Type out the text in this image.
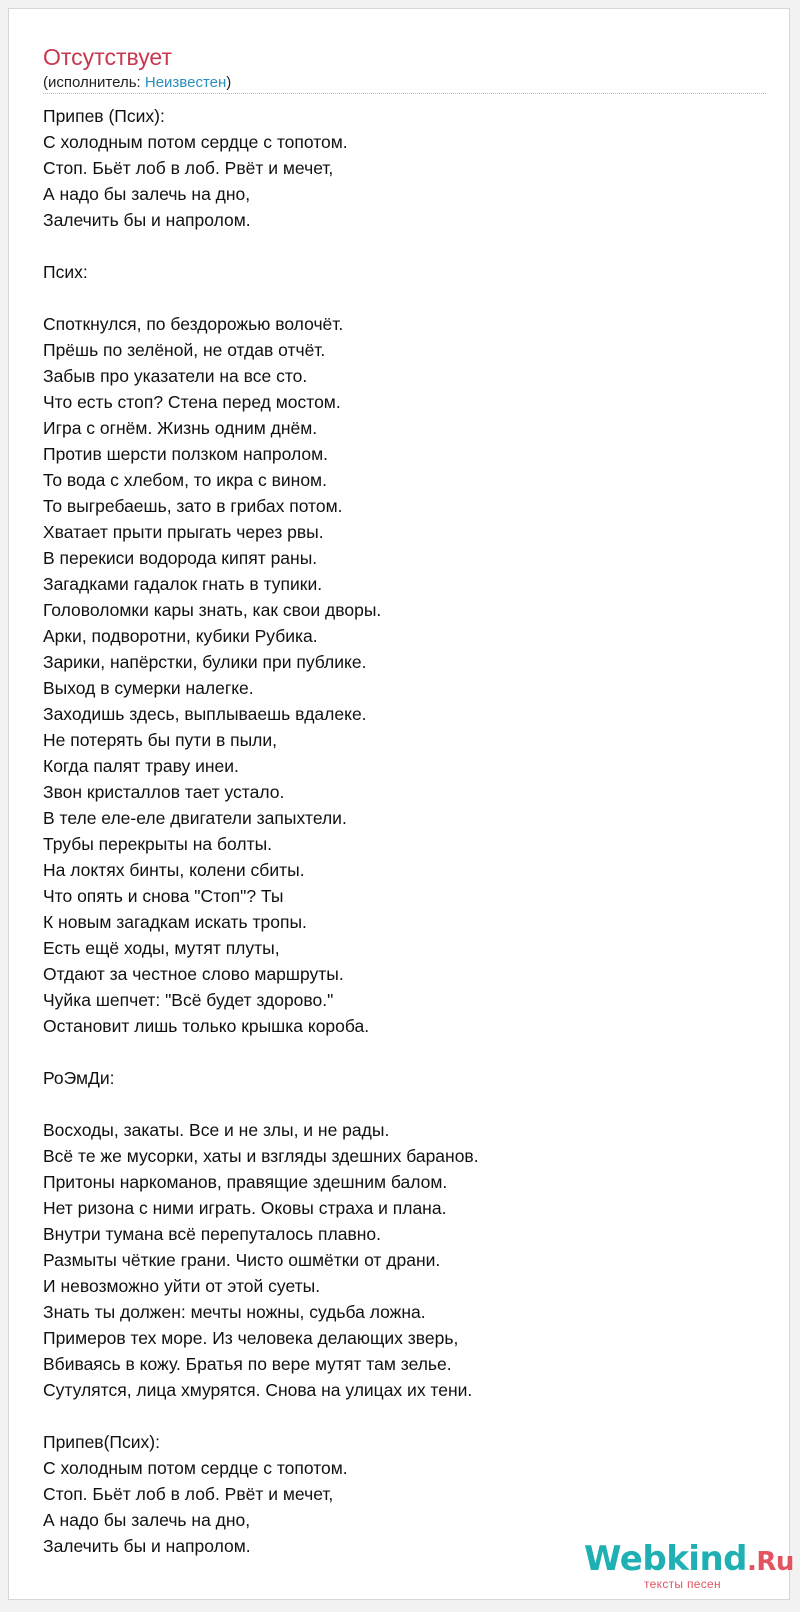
Отсутствует
(исполнитель: Неизвестен)
Припев (Псих):
С холодным потом сердце с топотом.
Стоп. Бьёт лоб в лоб. Рвёт и мечет,
А надо бы залечь на дно,
Залечить бы и напролом.
Псих:
Споткнулся, по бездорожью волочёт.
Прёшь по зелёной, не отдав отчёт.
Забыв про указатели на все сто.
Что есть стоп? Стена перед мостом.
Игра с огнём. Жизнь одним днём.
Против шерсти ползком напролом.
То вода с хлебом, то икра с вином.
То выгребаешь, зато в грибах потом.
Хватает прыти прыгать через рвы.
В перекиси водорода кипят раны.
Загадками гадалок гнать в тупики.
Головоломки кары знать, как свои дворы.
Арки, подворотни, кубики Рубика.
Зарики, напёрстки, булики при публике.
Выход в сумерки налегке.
Заходишь здесь, выплываешь вдалеке.
Не потерять бы пути в пыли,
Когда палят траву инеи.
Звон кристаллов тает устало.
В теле еле-еле двигатели запыхтели.
Трубы перекрыты на болты.
На локтях бинты, колени сбиты.
Что опять и снова "Стоп"? Ты
К новым загадкам искать тропы.
Есть ещё ходы, мутят плуты,
Отдают за честное слово маршруты.
Чуйка шепчет: "Всё будет здорово."
Остановит лишь только крышка короба.
РоЭмДи:
Восходы, закаты. Все и не злы, и не рады.
Всё те же мусорки, хаты и взгляды здешних баранов.
Притоны наркоманов, правящие здешним балом.
Нет ризона с ними играть. Оковы страха и плана.
Внутри тумана всё перепуталось плавно.
Размыты чёткие грани. Чисто ошмётки от драни.
И невозможно уйти от этой суеты.
Знать ты должен: мечты ножны, судьба ложна.
Примеров тех море. Из человека делающих зверь,
Вбиваясь в кожу. Братья по вере мутят там зелье.
Сутулятся, лица хмурятся. Снова на улицах их тени.
Припев(Псих):
С холодным потом сердце с топотом.
Стоп. Бьёт лоб в лоб. Рвёт и мечет,
А надо бы залечь на дно,
Залечить бы и напролом.	Webkind.Ru
тексты песен
